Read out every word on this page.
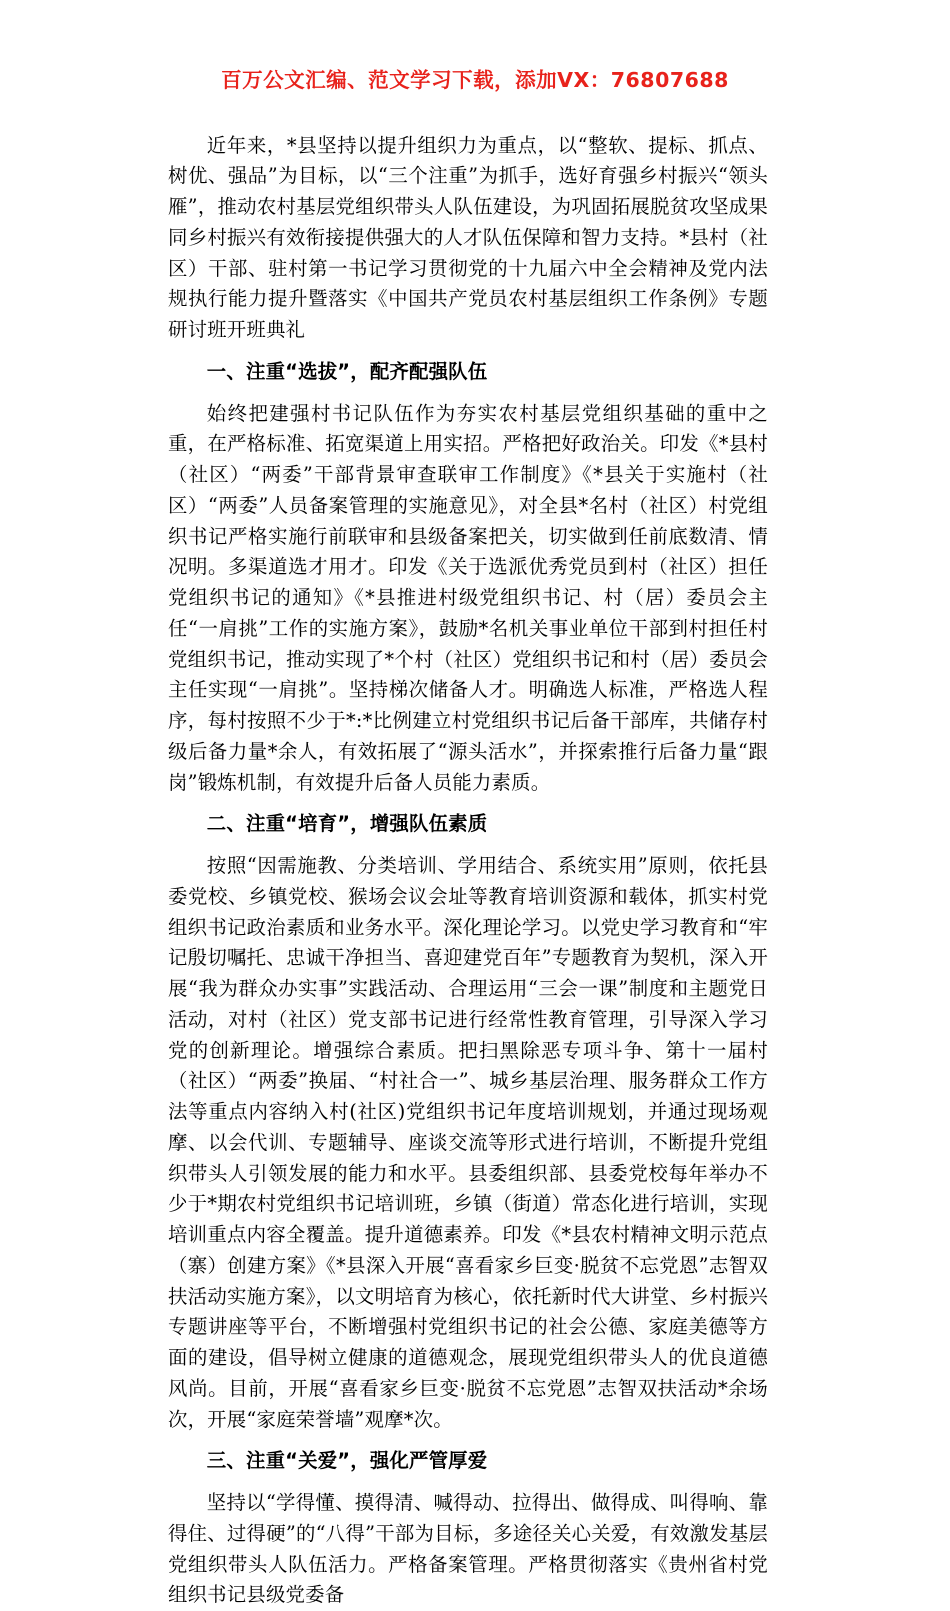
百万公文汇编、范文学习下载，添加VX：76807688

近年来，*县坚持以提升组织力为重点，以“整软、提标、抓点、树优、强品”为目标，以“三个注重”为抓手，选好育强乡村振兴“领头雁”，推动农村基层党组织带头人队伍建设，为巩固拓展脱贫攻坚成果同乡村振兴有效衔接提供强大的人才队伍保障和智力支持。*县村（社区）干部、驻村第一书记学习贯彻党的十九届六中全会精神及党内法规执行能力提升暨落实《中国共产党员农村基层组织工作条例》专题研讨班开班典礼

一、注重“选拔”，配齐配强队伍

始终把建强村书记队伍作为夯实农村基层党组织基础的重中之重，在严格标准、拓宽渠道上用实招。严格把好政治关。印发《*县村（社区）“两委”干部背景审查联审工作制度》《*县关于实施村（社区）“两委”人员备案管理的实施意见》，对全县*名村（社区）村党组织书记严格实施行前联审和县级备案把关，切实做到任前底数清、情况明。多渠道选才用才。印发《关于选派优秀党员到村（社区）担任党组织书记的通知》《*县推进村级党组织书记、村（居）委员会主任“一肩挑”工作的实施方案》，鼓励*名机关事业单位干部到村担任村党组织书记，推动实现了*个村（社区）党组织书记和村（居）委员会主任实现“一肩挑”。坚持梯次储备人才。明确选人标准，严格选人程序，每村按照不少于*:*比例建立村党组织书记后备干部库，共储存村级后备力量*余人，有效拓展了“源头活水”，并探索推行后备力量“跟岗”锻炼机制，有效提升后备人员能力素质。

二、注重“培育”，增强队伍素质

按照“因需施教、分类培训、学用结合、系统实用”原则，依托县委党校、乡镇党校、猴场会议会址等教育培训资源和载体，抓实村党组织书记政治素质和业务水平。深化理论学习。以党史学习教育和“牢记殷切嘱托、忠诚干净担当、喜迎建党百年”专题教育为契机，深入开展“我为群众办实事”实践活动、合理运用“三会一课”制度和主题党日活动，对村（社区）党支部书记进行经常性教育管理，引导深入学习党的创新理论。增强综合素质。把扫黑除恶专项斗争、第十一届村（社区）“两委”换届、“村社合一”、城乡基层治理、服务群众工作方法等重点内容纳入村(社区)党组织书记年度培训规划，并通过现场观摩、以会代训、专题辅导、座谈交流等形式进行培训，不断提升党组织带头人引领发展的能力和水平。县委组织部、县委党校每年举办不少于*期农村党组织书记培训班，乡镇（街道）常态化进行培训，实现培训重点内容全覆盖。提升道德素养。印发《*县农村精神文明示范点（寨）创建方案》《*县深入开展“喜看家乡巨变·脱贫不忘党恩”志智双扶活动实施方案》，以文明培育为核心，依托新时代大讲堂、乡村振兴专题讲座等平台，不断增强村党组织书记的社会公德、家庭美德等方面的建设，倡导树立健康的道德观念，展现党组织带头人的优良道德风尚。目前，开展“喜看家乡巨变·脱贫不忘党恩”志智双扶活动*余场次，开展“家庭荣誉墙”观摩*次。

三、注重“关爱”，强化严管厚爱

坚持以“学得懂、摸得清、喊得动、拉得出、做得成、叫得响、靠得住、过得硬”的“八得”干部为目标，多途径关心关爱，有效激发基层党组织带头人队伍活力。严格备案管理。严格贯彻落实《贵州省村党组织书记县级党委备
